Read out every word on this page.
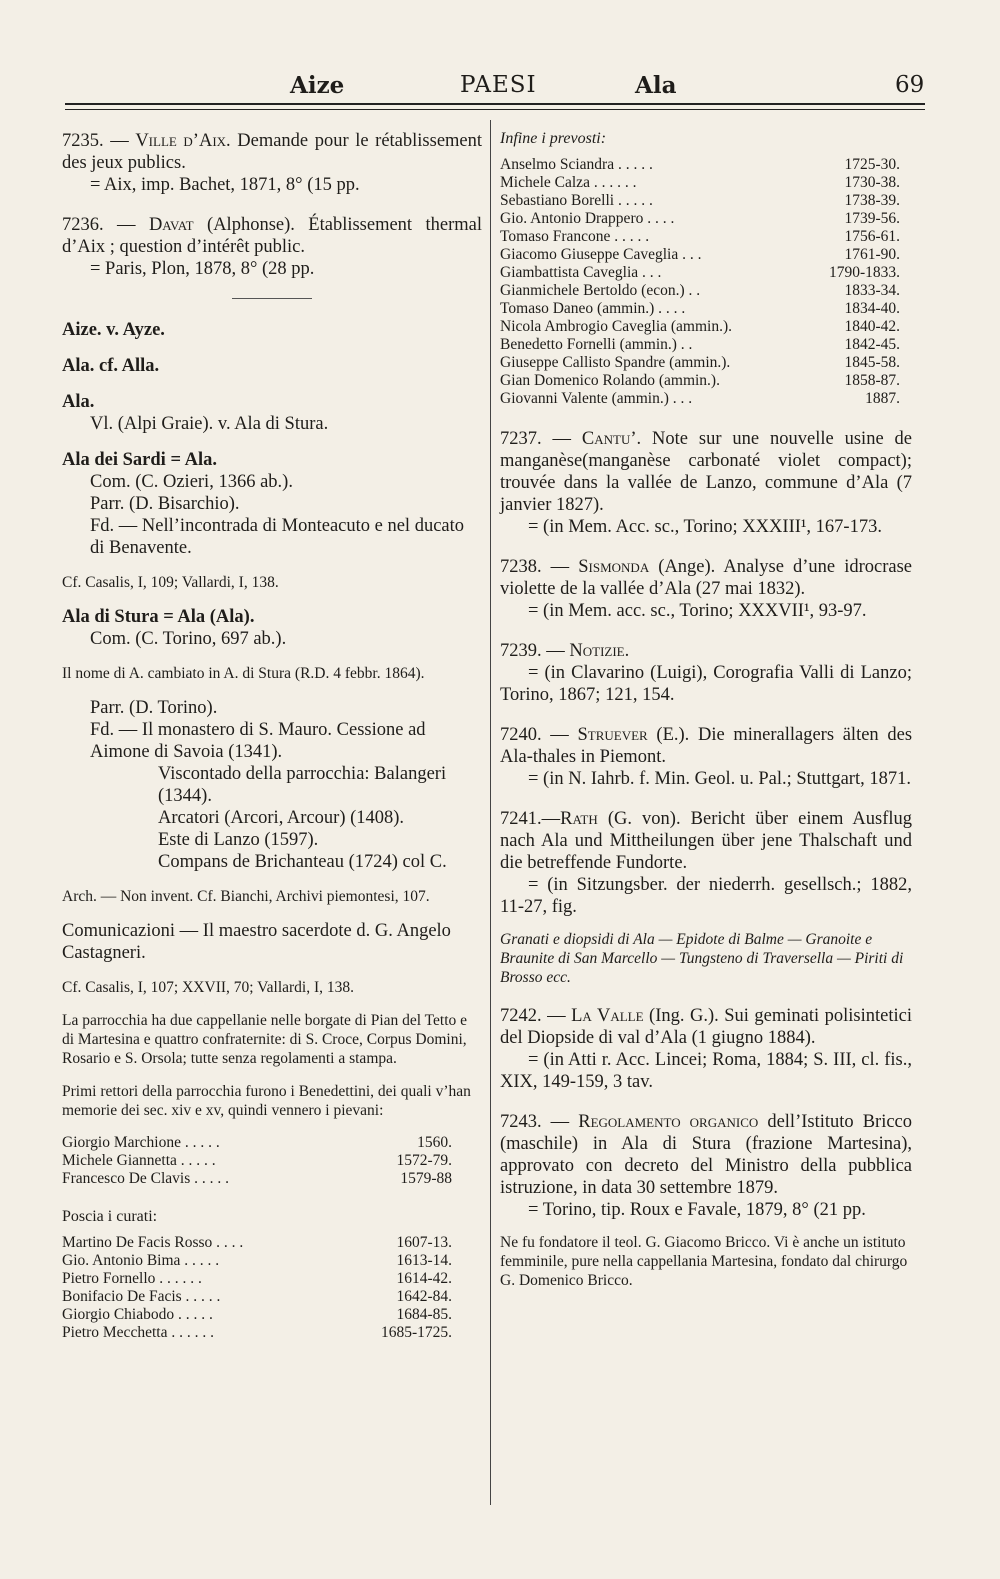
Aize	PAESI	Ala	69
7235. — Ville d’Aix. Demande pour le rétablissement des jeux publics.
= Aix, imp. Bachet, 1871, 8° (15 pp.
7236. — Davat (Alphonse). Établissement thermal d’Aix ; question d’intérêt public.
= Paris, Plon, 1878, 8° (28 pp.
Aize. v. Ayze.
Ala. cf. Alla.
Ala.
Vl. (Alpi Graie). v. Ala di Stura.
Ala dei Sardi = Ala.
Com. (C. Ozieri, 1366 ab.).
Parr. (D. Bisarchio).
Fd. — Nell’incontrada di Monteacuto e nel ducato di Benavente.
Cf. Casalis, I, 109; Vallardi, I, 138.
Ala di Stura = Ala (Ala).
Com. (C. Torino, 697 ab.).
Il nome di A. cambiato in A. di Stura (R.D. 4 febbr. 1864).
Parr. (D. Torino).
Fd. — Il monastero di S. Mauro. Cessione ad Aimone di Savoia (1341).
Viscontado della parrocchia: Balangeri (1344).
Arcatori (Arcori, Arcour) (1408).
Este di Lanzo (1597).
Compans de Brichanteau (1724) col C.
Arch. — Non invent. Cf. Bianchi, Archivi piemontesi, 107.
Comunicazioni — Il maestro sacerdote d. G. Angelo Castagneri.
Cf. Casalis, I, 107; XXVII, 70; Vallardi, I, 138.
La parrocchia ha due cappellanie nelle borgate di Pian del Tetto e di Martesina e quattro confraternite: di S. Croce, Corpus Domini, Rosario e S. Orsola; tutte senza regolamenti a stampa.
Primi rettori della parrocchia furono i Benedettini, dei quali v’han memorie dei sec. xiv e xv, quindi vennero i pievani:
Giorgio Marchione . . . . .	1560.
Michele Giannetta . . . . .	1572-79.
Francesco De Clavis . . . . .	1579-88
Poscia i curati:
Martino De Facis Rosso . . . .	1607-13.
Gio. Antonio Bima . . . . .	1613-14.
Pietro Fornello . . . . . .	1614-42.
Bonifacio De Facis . . . . .	1642-84.
Giorgio Chiabodo . . . . .	1684-85.
Pietro Mecchetta . . . . . .	1685-1725.
Infine i prevosti:
Anselmo Sciandra . . . . .	1725-30.
Michele Calza . . . . . .	1730-38.
Sebastiano Borelli . . . . .	1738-39.
Gio. Antonio Drappero . . . .	1739-56.
Tomaso Francone . . . . .	1756-61.
Giacomo Giuseppe Caveglia . . .	1761-90.
Giambattista Caveglia . . .	1790-1833.
Gianmichele Bertoldo (econ.) . .	1833-34.
Tomaso Daneo (ammin.) . . . .	1834-40.
Nicola Ambrogio Caveglia (ammin.).	1840-42.
Benedetto Fornelli (ammin.) . .	1842-45.
Giuseppe Callisto Spandre (ammin.).	1845-58.
Gian Domenico Rolando (ammin.).	1858-87.
Giovanni Valente (ammin.) . . .	1887.
7237. — Cantu’. Note sur une nouvelle usine de manganèse(manganèse carbonaté violet compact); trouvée dans la vallée de Lanzo, commune d’Ala (7 janvier 1827).
= (in Mem. Acc. sc., Torino; XXXIII¹, 167-173.
7238. — Sismonda (Ange). Analyse d’une idrocrase violette de la vallée d’Ala (27 mai 1832).
= (in Mem. acc. sc., Torino; XXXVII¹, 93-97.
7239. — Notizie.
= (in Clavarino (Luigi), Corografia Valli di Lanzo; Torino, 1867; 121, 154.
7240. — Struever (E.). Die minerallagers älten des Ala-thales in Piemont.
= (in N. Iahrb. f. Min. Geol. u. Pal.; Stuttgart, 1871.
7241.—Rath (G. von). Bericht über einem Ausflug nach Ala und Mittheilungen über jene Thalschaft und die betreffende Fundorte.
= (in Sitzungsber. der niederrh. gesellsch.; 1882, 11-27, fig.
Granati e diopsidi di Ala — Epidote di Balme — Granoite e Braunite di San Marcello — Tungsteno di Traversella — Piriti di Brosso ecc.
7242. — La Valle (Ing. G.). Sui geminati polisintetici del Diopside di val d’Ala (1 giugno 1884).
= (in Atti r. Acc. Lincei; Roma, 1884; S. III, cl. fis., XIX, 149-159, 3 tav.
7243. — Regolamento organico dell’Istituto Bricco (maschile) in Ala di Stura (frazione Martesina), approvato con decreto del Ministro della pubblica istruzione, in data 30 settembre 1879.
= Torino, tip. Roux e Favale, 1879, 8° (21 pp.
Ne fu fondatore il teol. G. Giacomo Bricco. Vi è anche un istituto femminile, pure nella cappellania Martesina, fondato dal chirurgo G. Domenico Bricco.
